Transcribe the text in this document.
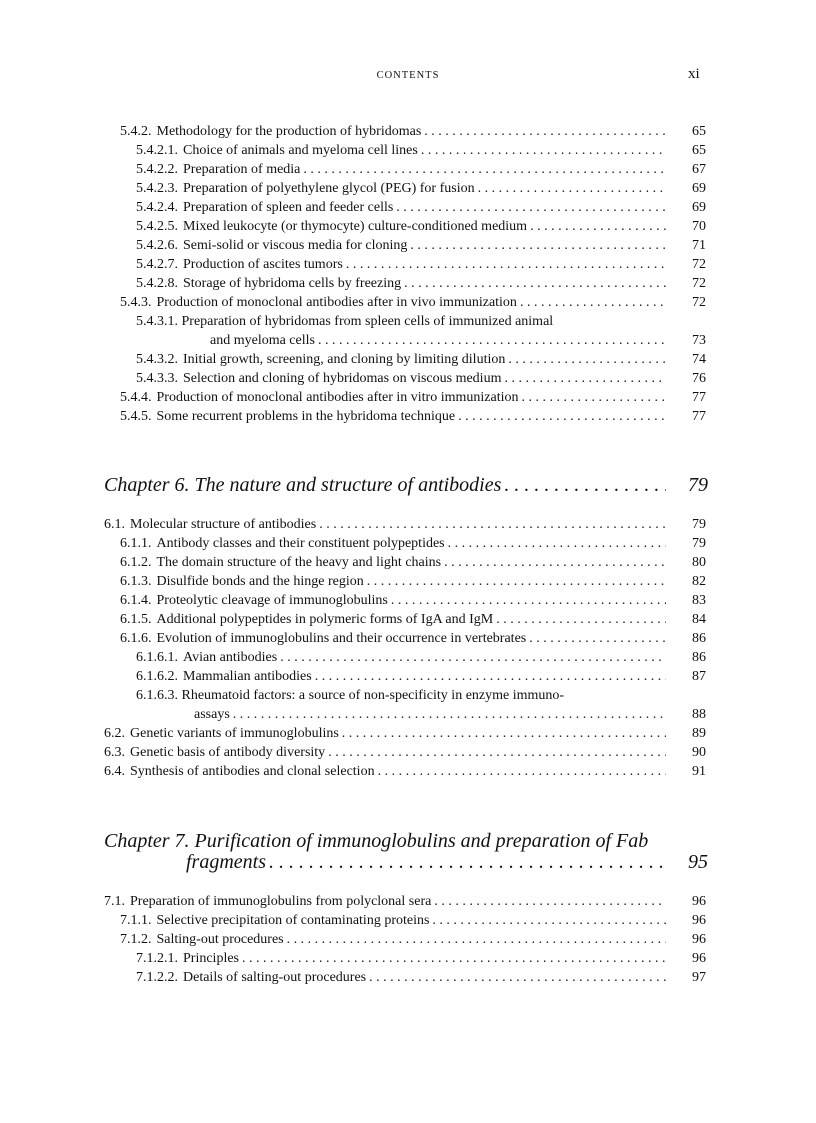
CONTENTS	xi
5.4.2. Methodology for the production of hybridomas . . .	65
5.4.2.1. Choice of animals and myeloma cell lines . . .	65
5.4.2.2. Preparation of media . . .	67
5.4.2.3. Preparation of polyethylene glycol (PEG) for fusion . . .	69
5.4.2.4. Preparation of spleen and feeder cells . . .	69
5.4.2.5. Mixed leukocyte (or thymocyte) culture-conditioned medium . . .	70
5.4.2.6. Semi-solid or viscous media for cloning . . .	71
5.4.2.7. Production of ascites tumors . . .	72
5.4.2.8. Storage of hybridoma cells by freezing . . .	72
5.4.3. Production of monoclonal antibodies after in vivo immunization . . .	72
5.4.3.1. Preparation of hybridomas from spleen cells of immunized animal
and myeloma cells . . .	73
5.4.3.2. Initial growth, screening, and cloning by limiting dilution . . .	74
5.4.3.3. Selection and cloning of hybridomas on viscous medium . . .	76
5.4.4. Production of monoclonal antibodies after in vitro immunization . . .	77
5.4.5. Some recurrent problems in the hybridoma technique . . .	77
Chapter 6. The nature and structure of antibodies . . .	79
6.1. Molecular structure of antibodies . . .	79
6.1.1. Antibody classes and their constituent polypeptides . . .	79
6.1.2. The domain structure of the heavy and light chains . . .	80
6.1.3. Disulfide bonds and the hinge region . . .	82
6.1.4. Proteolytic cleavage of immunoglobulins . . .	83
6.1.5. Additional polypeptides in polymeric forms of IgA and IgM . . .	84
6.1.6. Evolution of immunoglobulins and their occurrence in vertebrates . . .	86
6.1.6.1. Avian antibodies . . .	86
6.1.6.2. Mammalian antibodies . . .	87
6.1.6.3. Rheumatoid factors: a source of non-specificity in enzyme immuno-
assays . . .	88
6.2. Genetic variants of immunoglobulins . . .	89
6.3. Genetic basis of antibody diversity . . .	90
6.4. Synthesis of antibodies and clonal selection . . .	91
Chapter 7. Purification of immunoglobulins and preparation of Fab
fragments . . .	95
7.1. Preparation of immunoglobulins from polyclonal sera . . .	96
7.1.1. Selective precipitation of contaminating proteins . . .	96
7.1.2. Salting-out procedures . . .	96
7.1.2.1. Principles . . .	96
7.1.2.2. Details of salting-out procedures . . .	97
